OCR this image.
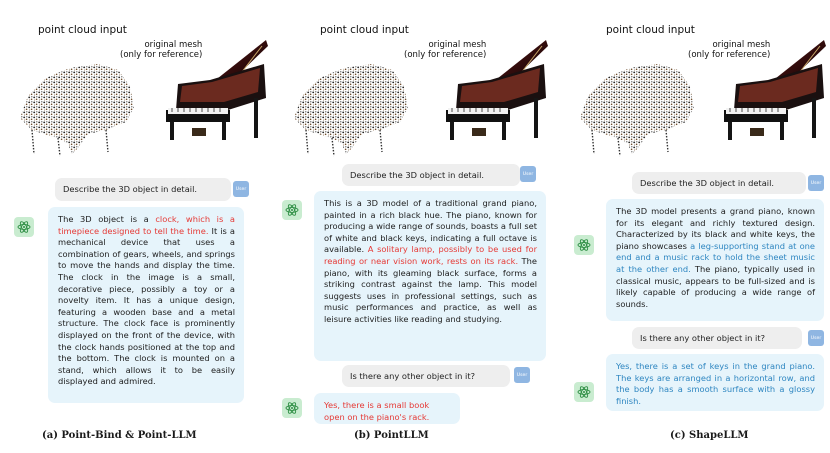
point cloud input
original mesh
(only for reference)
Describe the 3D object in detail.	User
The 3D object is a clock, which is a timepiece designed to tell the time. It is a mechanical device that uses a combination of gears, wheels, and springs to move the hands and display the time. The clock in the image is a small, decorative piece, possibly a toy or a novelty item. It has a unique design, featuring a wooden base and a metal structure. The clock face is prominently displayed on the front of the device, with the clock hands positioned at the top and the bottom. The clock is mounted on a stand, which allows it to be easily displayed and admired.
(a) Point-Bind & Point-LLM
point cloud input
original mesh
(only for reference)
Describe the 3D object in detail.	User
This is a 3D model of a traditional grand piano, painted in a rich black hue. The piano, known for producing a wide range of sounds, boasts a full set of white and black keys, indicating a full octave is available. A solitary lamp, possibly to be used for reading or near vision work, rests on its rack. The piano, with its gleaming black surface, forms a striking contrast against the lamp. This model suggests uses in professional settings, such as music performances and practice, as well as leisure activities like reading and studying.
Is there any other object in it?	User
Yes, there is a small book open on the piano's rack.
(b) PointLLM
point cloud input
original mesh
(only for reference)
Describe the 3D object in detail.	User
The 3D model presents a grand piano, known for its elegant and richly textured design. Characterized by its black and white keys, the piano showcases a leg-supporting stand at one end and a music rack to hold the sheet music at the other end. The piano, typically used in classical music, appears to be full-sized and is likely capable of producing a wide range of sounds.
Is there any other object in it?	User
Yes, there is a set of keys in the grand piano. The keys are arranged in a horizontal row, and the body has a smooth surface with a glossy finish.
(c) ShapeLLM
